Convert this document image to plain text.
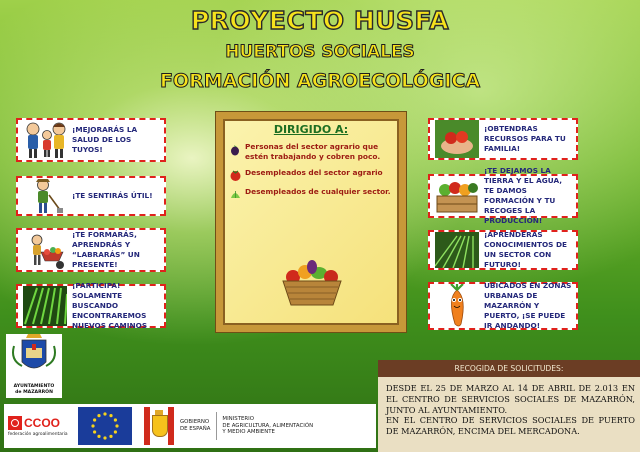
PROYECTO HUSFA
HUERTOS SOCIALES
FORMACIÓN AGROECOLÓGICA
¡MEJORARÁS LA SALUD DE LOS TUYOS!
¡TE SENTIRÁS ÚTIL!
¡TE FORMARÁS, APRENDRÁS Y “LABRARÁS” UN PRESENTE!
¡PARTICIPA! SOLAMENTE BUSCANDO ENCONTRAREMOS NUEVOS CAMINOS
DIRIGIDO A:
Personas del sector agrario que estén trabajando y cobren poco.
Desempleados del sector agrario
Desempleados de cualquier sector.
¡OBTENDRAS RECURSOS PARA TU FAMILIA!
¡TE DEJAMOS LA TIERRA Y EL AGUA, TE DAMOS FORMACIÓN Y TU RECOGES LA PRODUCCIÓN!
¡APRENDERAS CONOCIMIENTOS DE UN SECTOR CON FUTURO!
UBICADOS EN ZONAS URBANAS DE MAZARRÓN Y PUERTO, ¡SE PUEDE IR ANDANDO!
AYUNTAMIENTO
de MAZARRÓN
CCOO
federación agroalimentaria
GOBIERNO
DE ESPAÑA
MINISTERIO
DE AGRICULTURA, ALIMENTACIÓN
Y MEDIO AMBIENTE
RECOGIDA DE SOLICITUDES:
DESDE EL 25 DE MARZO AL 14 DE ABRIL DE 2.013 EN EL CENTRO DE SERVICIOS SOCIALES DE MAZARRÓN, JUNTO AL AYUNTAMIENTO.
EN EL CENTRO DE SERVICIOS SOCIALES DE PUERTO DE MAZARRÓN, ENCIMA DEL MERCADONA.
